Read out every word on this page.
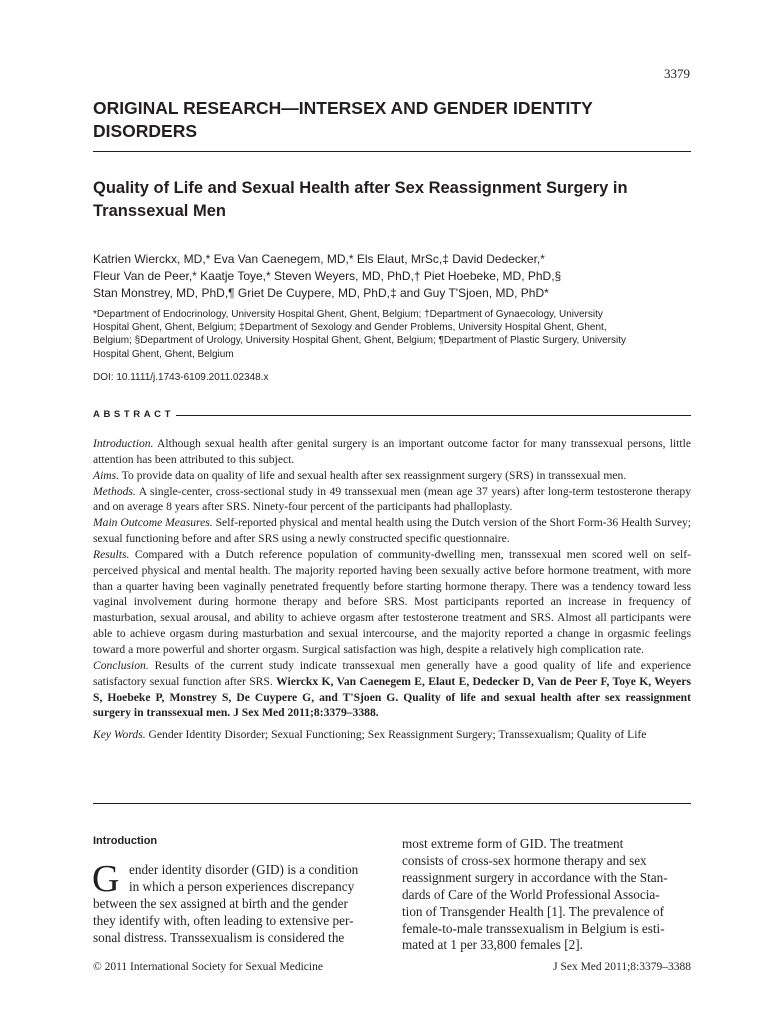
3379
ORIGINAL RESEARCH—INTERSEX AND GENDER IDENTITY DISORDERS
Quality of Life and Sexual Health after Sex Reassignment Surgery in Transsexual Men
Katrien Wierckx, MD,* Eva Van Caenegem, MD,* Els Elaut, MrSc,‡ David Dedecker,*
Fleur Van de Peer,* Kaatje Toye,* Steven Weyers, MD, PhD,† Piet Hoebeke, MD, PhD,§
Stan Monstrey, MD, PhD,¶ Griet De Cuypere, MD, PhD,‡ and Guy T'Sjoen, MD, PhD*
*Department of Endocrinology, University Hospital Ghent, Ghent, Belgium; †Department of Gynaecology, University
Hospital Ghent, Ghent, Belgium; ‡Department of Sexology and Gender Problems, University Hospital Ghent, Ghent,
Belgium; §Department of Urology, University Hospital Ghent, Ghent, Belgium; ¶Department of Plastic Surgery, University
Hospital Ghent, Ghent, Belgium
DOI: 10.1111/j.1743-6109.2011.02348.x
ABSTRACT

Introduction. Although sexual health after genital surgery is an important outcome factor for many transsexual persons, little attention has been attributed to this subject.

Aims. To provide data on quality of life and sexual health after sex reassignment surgery (SRS) in transsexual men.

Methods. A single-center, cross-sectional study in 49 transsexual men (mean age 37 years) after long-term testosterone therapy and on average 8 years after SRS. Ninety-four percent of the participants had phalloplasty.

Main Outcome Measures. Self-reported physical and mental health using the Dutch version of the Short Form-36 Health Survey; sexual functioning before and after SRS using a newly constructed specific questionnaire.

Results. Compared with a Dutch reference population of community-dwelling men, transsexual men scored well on self-perceived physical and mental health. The majority reported having been sexually active before hormone treatment, with more than a quarter having been vaginally penetrated frequently before starting hormone therapy. There was a tendency toward less vaginal involvement during hormone therapy and before SRS. Most participants reported an increase in frequency of masturbation, sexual arousal, and ability to achieve orgasm after testosterone treatment and SRS. Almost all participants were able to achieve orgasm during masturbation and sexual intercourse, and the majority reported a change in orgasmic feelings toward a more powerful and shorter orgasm. Surgical satisfaction was high, despite a relatively high complication rate.

Conclusion. Results of the current study indicate transsexual men generally have a good quality of life and experience satisfactory sexual function after SRS. Wierckx K, Van Caenegem E, Elaut E, Dedecker D, Van de Peer F, Toye K, Weyers S, Hoebeke P, Monstrey S, De Cuypere G, and T'Sjoen G. Quality of life and sexual health after sex reassignment surgery in transsexual men. J Sex Med 2011;8:3379–3388.

Key Words. Gender Identity Disorder; Sexual Functioning; Sex Reassignment Surgery; Transsexualism; Quality of Life

Introduction
G ender identity disorder (GID) is a condition
in which a person experiences discrepancy
between the sex assigned at birth and the gender
they identify with, often leading to extensive per-
sonal distress. Transsexualism is considered the
most extreme form of GID. The treatment
consists of cross-sex hormone therapy and sex
reassignment surgery in accordance with the Stan-
dards of Care of the World Professional Associa-
tion of Transgender Health [1]. The prevalence of
female-to-male transsexualism in Belgium is esti-
mated at 1 per 33,800 females [2].
© 2011 International Society for Sexual Medicine	J Sex Med 2011;8:3379–3388
